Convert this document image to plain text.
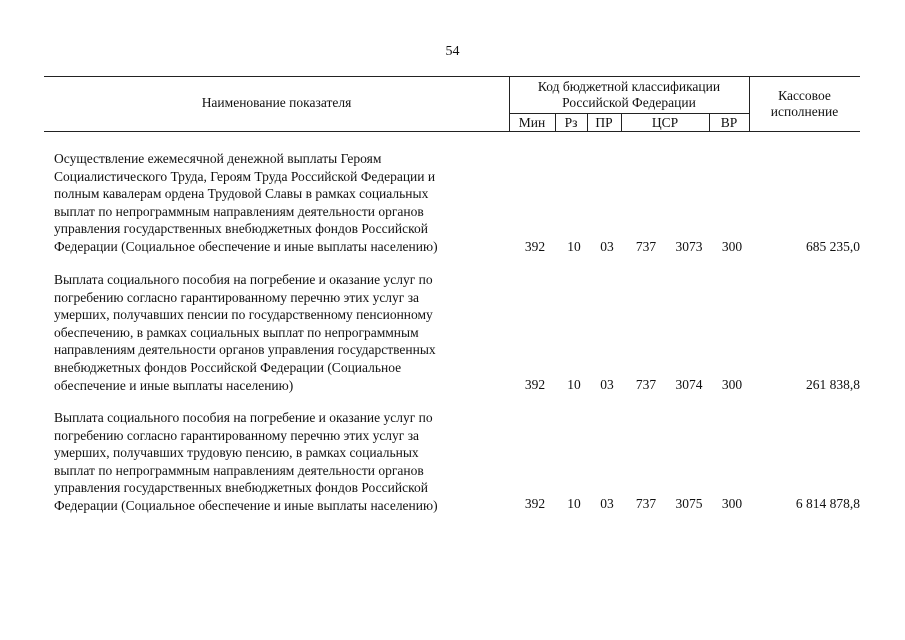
54
Наименование показателя
Код бюджетной классификации
Российской Федерации
Мин	Рз	ПР	ЦСР	ВР
Кассовое
исполнение
Осуществление ежемесячной денежной выплаты Героям
Социалистического Труда, Героям Труда Российской Федерации и
полным кавалерам ордена Трудовой Славы в рамках социальных
выплат по непрограммным направлениям деятельности органов
управления государственных внебюджетных фондов Российской
Федерации (Социальное обеспечение и иные выплаты населению)	392	10	03	737	3073	300	685 235,0
Выплата социального пособия на погребение и оказание услуг по
погребению согласно гарантированному перечню этих услуг за
умерших, получавших пенсии по государственному пенсионному
обеспечению, в рамках социальных выплат по непрограммным
направлениям деятельности органов управления государственных
внебюджетных фондов Российской Федерации (Социальное
обеспечение и иные выплаты населению)	392	10	03	737	3074	300	261 838,8
Выплата социального пособия на погребение и оказание услуг по
погребению согласно гарантированному перечню этих услуг за
умерших, получавших трудовую пенсию, в рамках социальных
выплат по непрограммным направлениям деятельности органов
управления государственных внебюджетных фондов Российской
Федерации (Социальное обеспечение и иные выплаты населению)	392	10	03	737	3075	300	6 814 878,8
